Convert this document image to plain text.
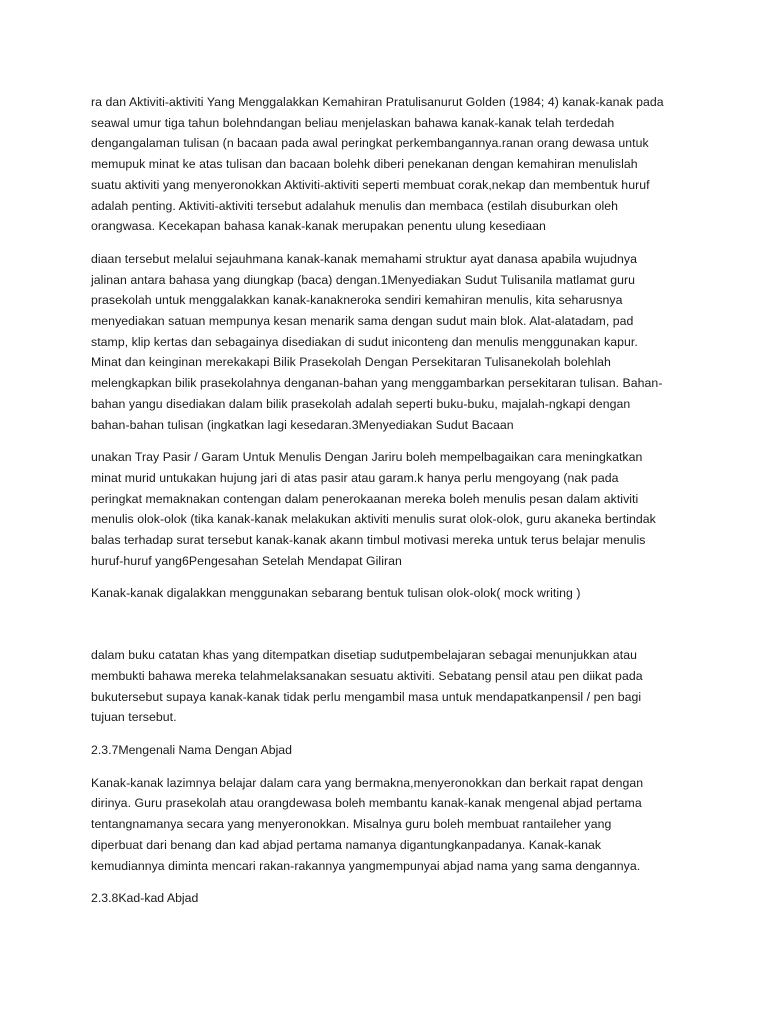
ra dan Aktiviti-aktiviti Yang Menggalakkan Kemahiran Pratulisanurut Golden (1984; 4) kanak-kanak pada
seawal umur tiga tahun bolehndangan beliau menjelaskan bahawa kanak-kanak telah terdedah
dengangalaman tulisan (n bacaan pada awal peringkat perkembangannya.ranan orang dewasa untuk
memupuk minat ke atas tulisan dan bacaan bolehk diberi penekanan dengan kemahiran menulislah
suatu aktiviti yang menyeronokkan Aktiviti-aktiviti seperti membuat corak,nekap dan membentuk huruf
adalah penting. Aktiviti-aktiviti tersebut adalahuk menulis dan membaca (estilah disuburkan oleh
orangwasa. Kecekapan bahasa kanak-kanak merupakan penentu ulung kesediaan

diaan tersebut melalui sejauhmana kanak-kanak memahami struktur ayat danasa apabila wujudnya
jalinan antara bahasa yang diungkap (baca) dengan.1Menyediakan Sudut Tulisanila matlamat guru
prasekolah untuk menggalakkan kanak-kanakneroka sendiri kemahiran menulis, kita seharusnya
menyediakan satuan mempunya kesan menarik sama dengan sudut main blok. Alat-alatadam, pad
stamp, klip kertas dan sebagainya disediakan di sudut iniconteng dan menulis menggunakan kapur.
Minat dan keinginan merekakapi Bilik Prasekolah Dengan Persekitaran Tulisanekolah bolehlah
melengkapkan bilik prasekolahnya denganan-bahan yang menggambarkan persekitaran tulisan. Bahan-
bahan yangu disediakan dalam bilik prasekolah adalah seperti buku-buku, majalah-ngkapi dengan
bahan-bahan tulisan (ingkatkan lagi kesedaran.3Menyediakan Sudut Bacaan

unakan Tray Pasir / Garam Untuk Menulis Dengan Jariru boleh mempelbagaikan cara meningkatkan
minat murid untukakan hujung jari di atas pasir atau garam.k hanya perlu mengoyang (nak pada
peringkat memaknakan contengan dalam penerokaanan mereka boleh menulis pesan dalam aktiviti
menulis olok-olok (tika kanak-kanak melakukan aktiviti menulis surat olok-olok, guru akaneka bertindak
balas terhadap surat tersebut kanak-kanak akann timbul motivasi mereka untuk terus belajar menulis
huruf-huruf yang6Pengesahan Setelah Mendapat Giliran

Kanak-kanak digalakkan menggunakan sebarang bentuk tulisan olok-olok( mock writing )

dalam buku catatan khas yang ditempatkan disetiap sudutpembelajaran sebagai menunjukkan atau
membukti bahawa mereka telahmelaksanakan sesuatu aktiviti. Sebatang pensil atau pen diikat pada
bukutersebut supaya kanak-kanak tidak perlu mengambil masa untuk mendapatkanpensil / pen bagi
tujuan tersebut.

2.3.7Mengenali Nama Dengan Abjad

Kanak-kanak lazimnya belajar dalam cara yang bermakna,menyeronokkan dan berkait rapat dengan
dirinya. Guru prasekolah atau orangdewasa boleh membantu kanak-kanak mengenal abjad pertama
tentangnamanya secara yang menyeronokkan. Misalnya guru boleh membuat rantaileher yang
diperbuat dari benang dan kad abjad pertama namanya digantungkanpadanya. Kanak-kanak
kemudiannya diminta mencari rakan-rakannya yangmempunyai abjad nama yang sama dengannya.

2.3.8Kad-kad Abjad
